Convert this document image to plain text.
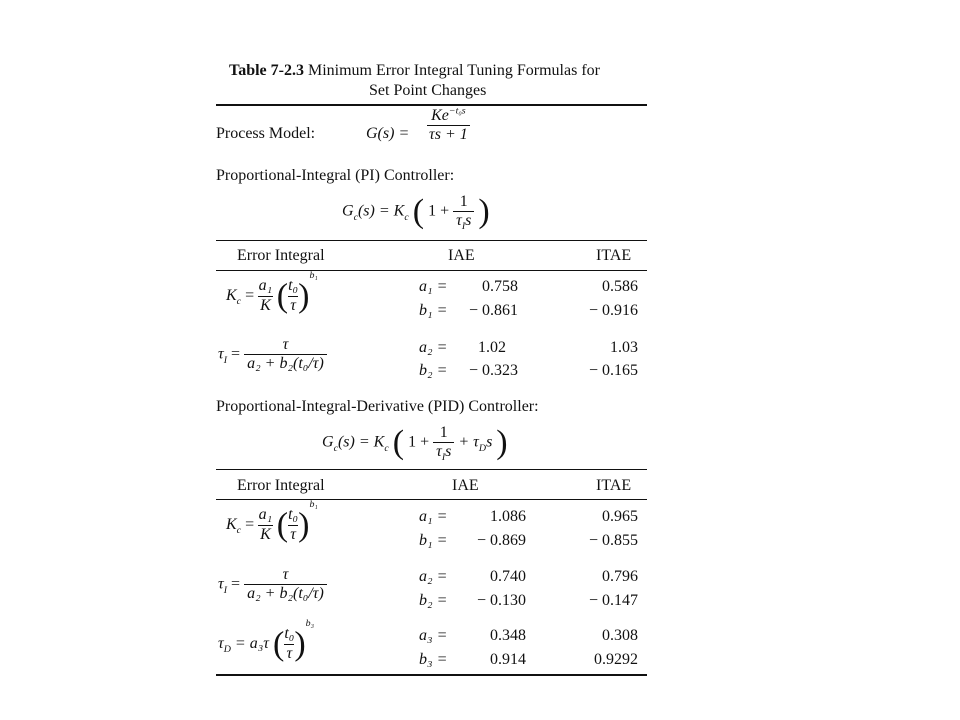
Table 7-2.3 Minimum Error Integral Tuning Formulas for
Set Point Changes
Process Model:	$G(s) = \frac{Ke^{-t_0s}}{\tau s + 1}$
Proportional-Integral (PI) Controller:
$G_c(s) = K_c$ ( $1 + \frac{1}{\tau_Is}$ )
Error Integral	IAE	ITAE
$K_c = \frac{\text{a₁}}{K}$ ( $\frac{\text{t₀}}{\tau} )^{b_1}$
a₁ =	0.758	0.586
b₁ =	− 0.861	− 0.916
$\tau_I = \frac{\tau}{\text{a₂ + b₂(t₀/τ)}}$	a₂ =	1.02	1.03
b₂ =	− 0.323	− 0.165
Proportional-Integral-Derivative (PID) Controller:
$G_c(s) = K_c$ ( $1 + \frac{1}{\tau_Is} + \tau_Ds$ )
Error Integral	IAE	ITAE
$K_c = \frac{\text{a₁}}{K}$ ( $\frac{\text{t₀}}{\tau} )^{b_1}$
a₁ =	1.086	0.965
b₁ =	− 0.869	− 0.855
$\tau_I = \frac{\tau}{\text{a₂ + b₂(t₀/τ)}}$	a₂ =	0.740	0.796
b₂ =	− 0.130	− 0.147
$\tau_D = a_3\tau$ ( $\frac{\text{t₀}}{\tau} )^{b_3}$
a₃ =	0.348	0.308
b₃ =	0.914	0.9292
